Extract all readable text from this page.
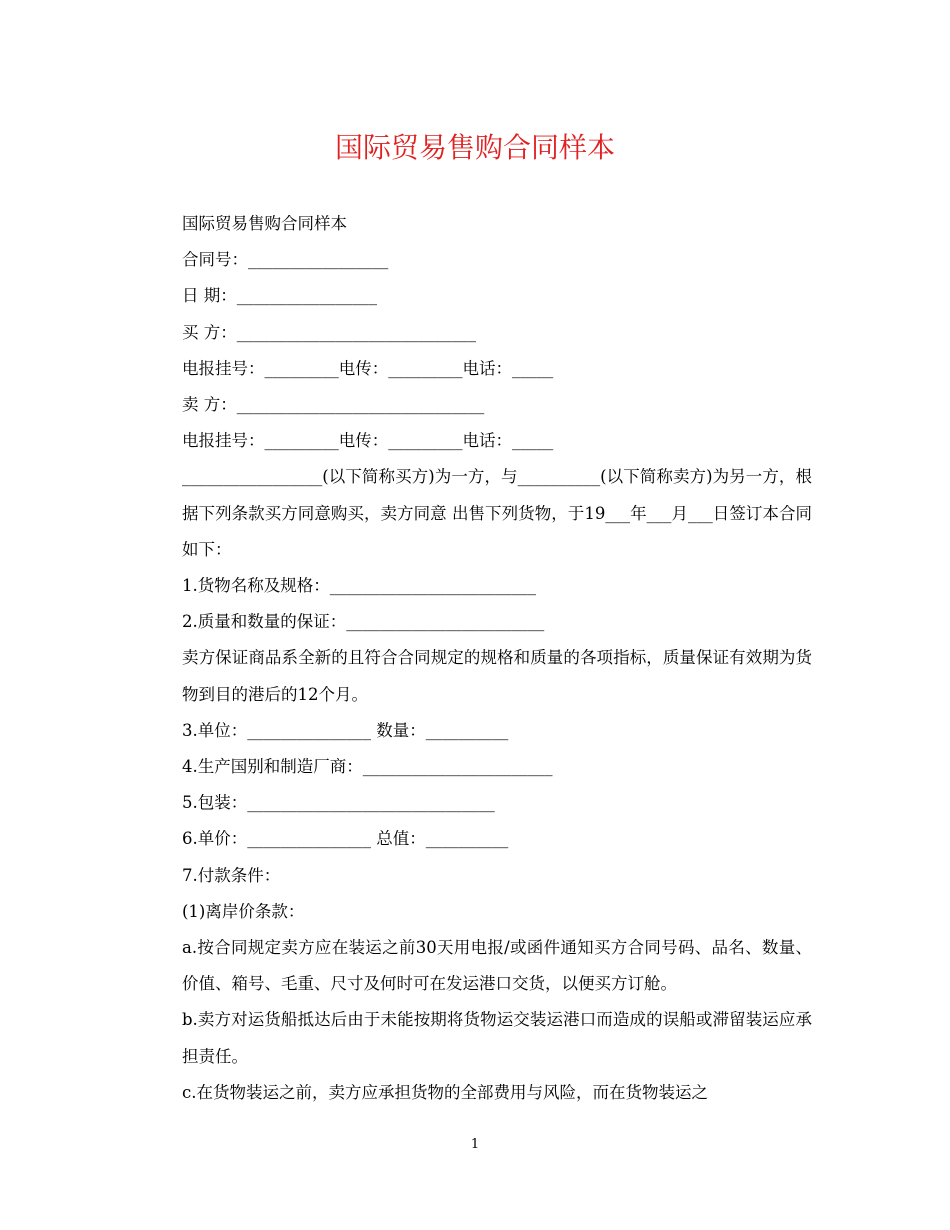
国际贸易售购合同样本

国际贸易售购合同样本

合同号：_________________

日 期：_________________

买 方：_____________________________

电报挂号：_________电传：_________电话：_____

卖 方：______________________________

电报挂号：_________电传：_________电话：_____

_________________(以下简称买方)为一方，与__________(以下简称卖方)为另一方，根据下列条款买方同意购买，卖方同意 出售下列货物，于19___年___月___日签订本合同如下：

1.货物名称及规格：_________________________

2.质量和数量的保证：________________________

卖方保证商品系全新的且符合合同规定的规格和质量的各项指标，质量保证有效期为货物到目的港后的12个月。

3.单位：_______________ 数量：__________

4.生产国别和制造厂商：_______________________

5.包装：______________________________

6.单价：_______________ 总值：__________

7.付款条件：

(1)离岸价条款：

a.按合同规定卖方应在装运之前30天用电报/或函件通知买方合同号码、品名、数量、价值、箱号、毛重、尺寸及何时可在发运港口交货，以便买方订舱。

b.卖方对运货船抵达后由于未能按期将货物运交装运港口而造成的误船或滞留装运应承担责任。

c.在货物装运之前，卖方应承担货物的全部费用与风险，而在货物装运之

1
